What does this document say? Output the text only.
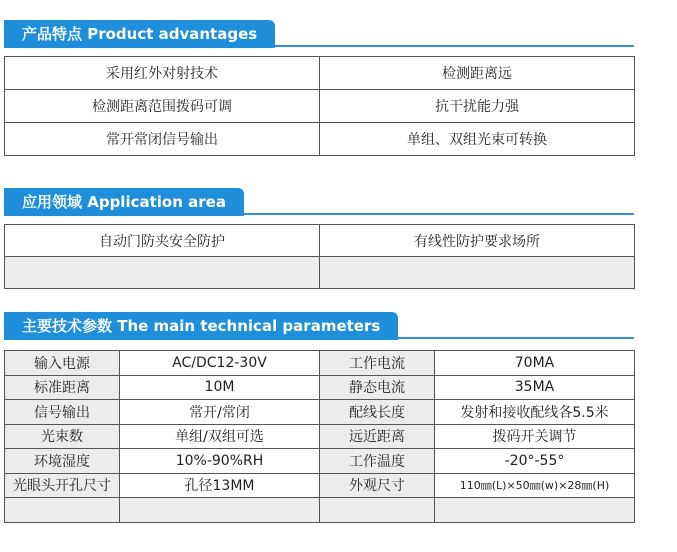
产品特点 Product advantages
采用红外对射技术	检测距离远
检测距离范围拨码可调	抗干扰能力强
常开常闭信号输出	单组、双组光束可转换
应用领域 Application area
自动门防夹安全防护	有线性防护要求场所

主要技术参数 The main technical parameters
输入电源	AC/DC12-30V	工作电流	70MA
标准距离	10M	静态电流	35MA
信号输出	常开/常闭	配线长度	发射和接收配线各5.5米
光束数	单组/双组可选	远近距离	拨码开关调节
环境湿度	10%-90%RH	工作温度	-20°-55°
光眼头开孔尺寸	孔径13MM	外观尺寸	110㎜(L)×50㎜(w)×28㎜(H)
